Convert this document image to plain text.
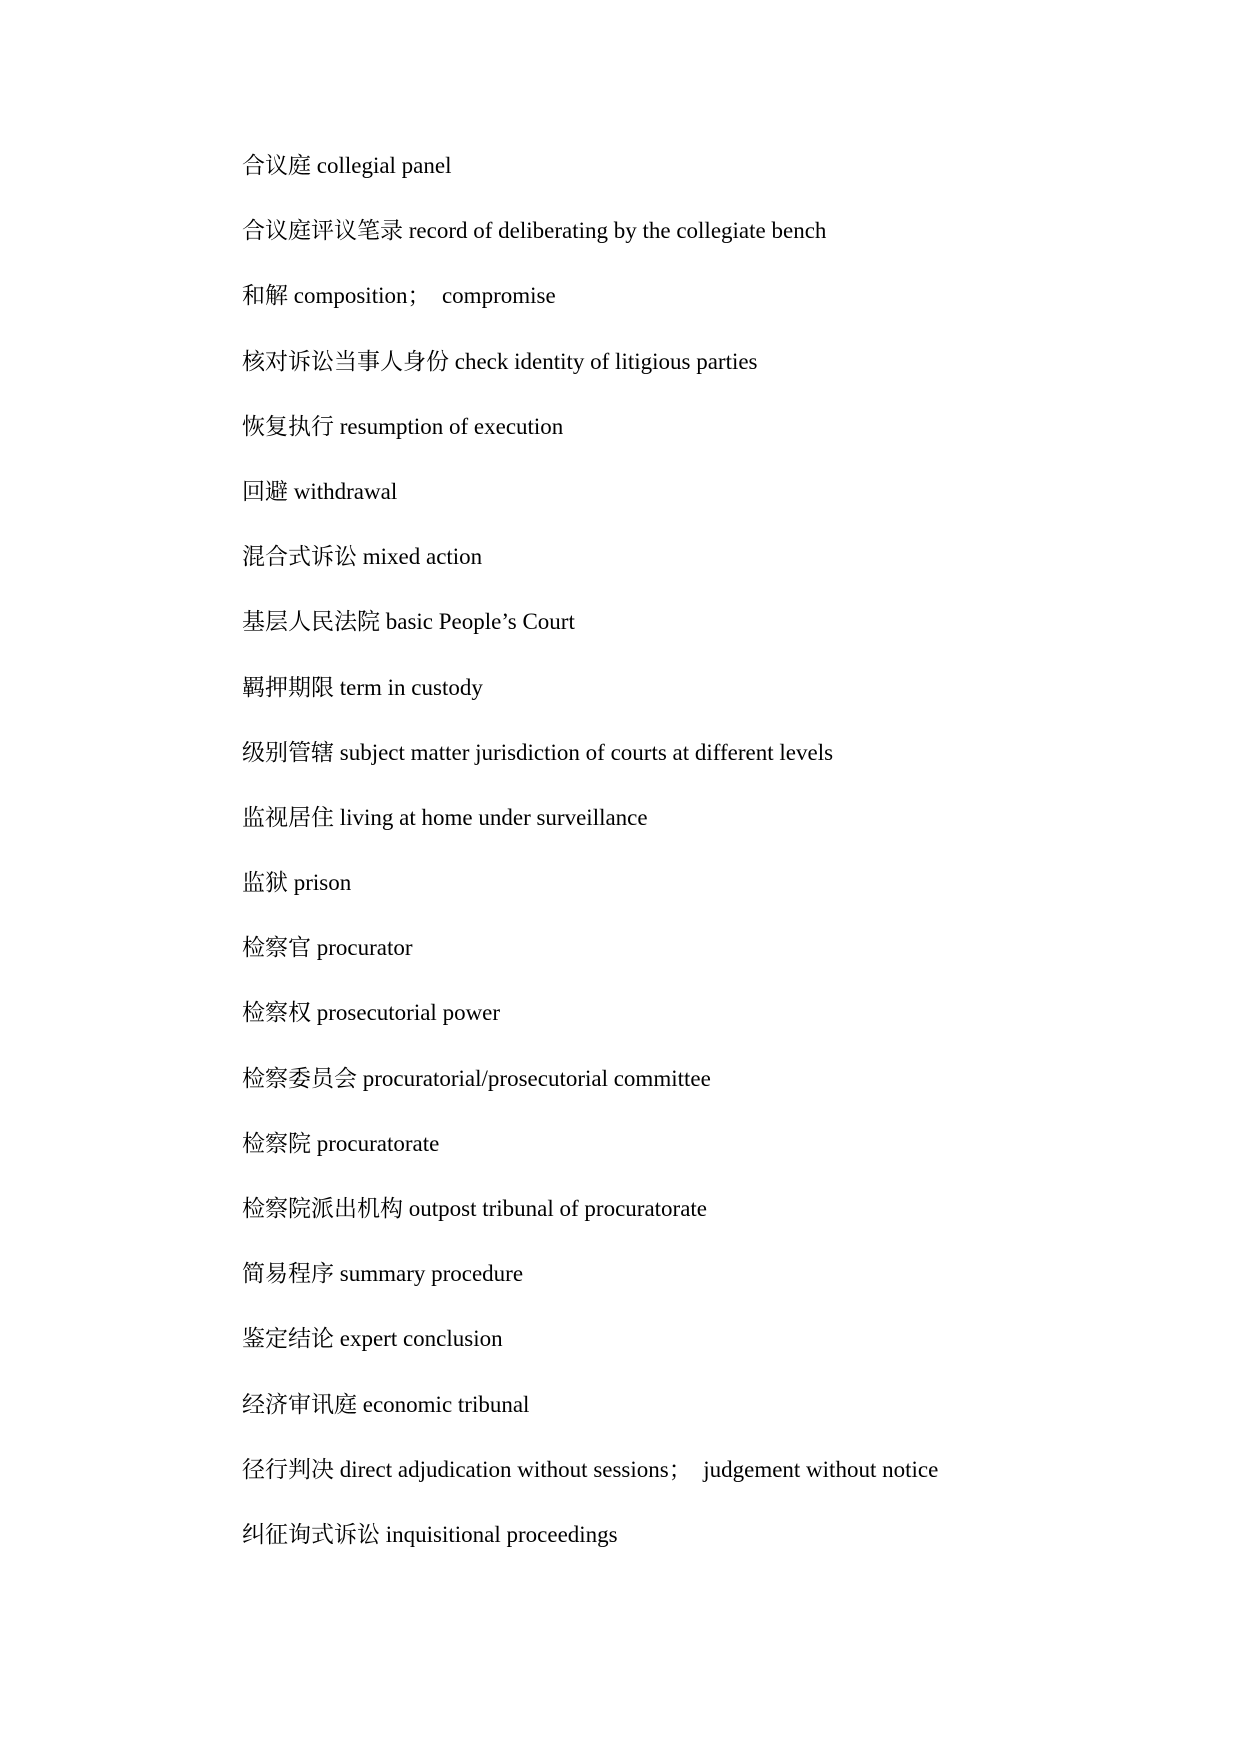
合议庭 collegial panel
合议庭评议笔录 record of deliberating by the collegiate bench
和解 composition；　compromise
核对诉讼当事人身份 check identity of litigious parties
恢复执行 resumption of execution
回避 withdrawal
混合式诉讼 mixed action
基层人民法院 basic People’s Court
羁押期限 term in custody
级别管辖 subject matter jurisdiction of courts at different levels
监视居住 living at home under surveillance
监狱 prison
检察官 procurator
检察权 prosecutorial power
检察委员会 procuratorial/prosecutorial committee
检察院 procuratorate
检察院派出机构 outpost tribunal of procuratorate
简易程序 summary procedure
鉴定结论 expert conclusion
经济审讯庭 economic tribunal
径行判决 direct adjudication without sessions；　judgement without notice
纠征询式诉讼 inquisitional proceedings
